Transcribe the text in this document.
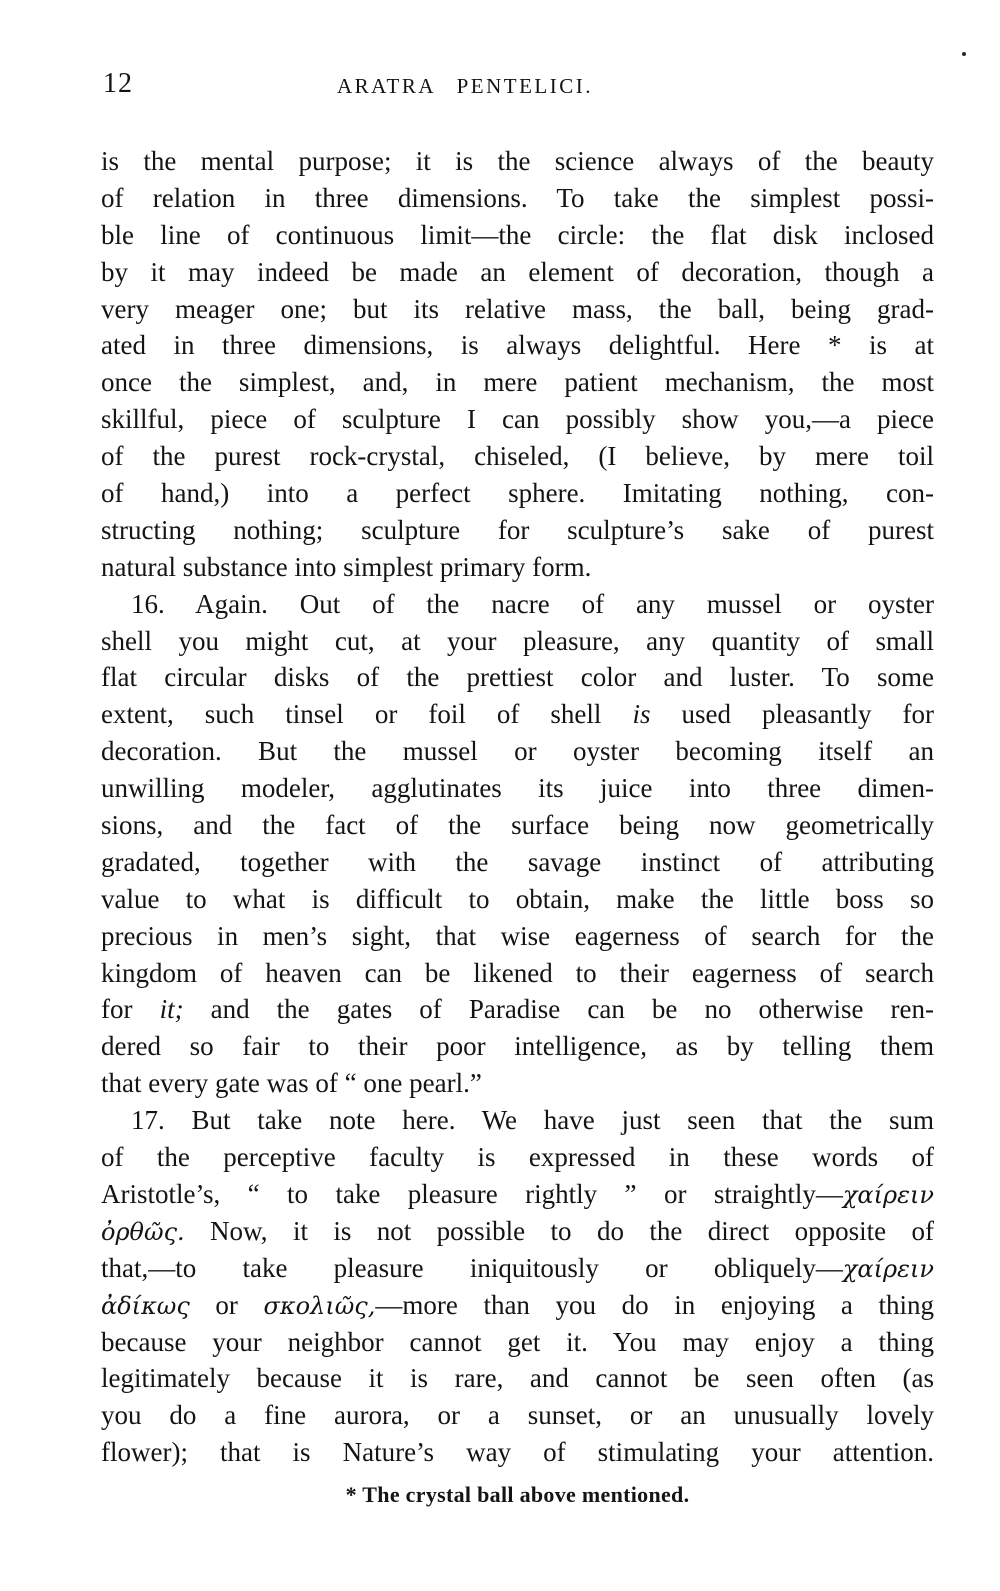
12	ARATRA PENTELICI.
is the mental purpose; it is the science always of the beauty
of relation in three dimensions. To take the simplest possi-
ble line of continuous limit—the circle: the flat disk inclosed
by it may indeed be made an element of decoration, though a
very meager one; but its relative mass, the ball, being grad-
ated in three dimensions, is always delightful. Here * is at
once the simplest, and, in mere patient mechanism, the most
skillful, piece of sculpture I can possibly show you,—a piece
of the purest rock-crystal, chiseled, (I believe, by mere toil
of hand,) into a perfect sphere. Imitating nothing, con-
structing nothing; sculpture for sculpture’s sake of purest
natural substance into simplest primary form.
16. Again. Out of the nacre of any mussel or oyster
shell you might cut, at your pleasure, any quantity of small
flat circular disks of the prettiest color and luster. To some
extent, such tinsel or foil of shell is used pleasantly for
decoration. But the mussel or oyster becoming itself an
unwilling modeler, agglutinates its juice into three dimen-
sions, and the fact of the surface being now geometrically
gradated, together with the savage instinct of attributing
value to what is difficult to obtain, make the little boss so
precious in men’s sight, that wise eagerness of search for the
kingdom of heaven can be likened to their eagerness of search
for it; and the gates of Paradise can be no otherwise ren-
dered so fair to their poor intelligence, as by telling them
that every gate was of “ one pearl.”
17. But take note here. We have just seen that the sum
of the perceptive faculty is expressed in these words of
Aristotle’s, “ to take pleasure rightly ” or straightly—χαίρειν
ὀρθῶς. Now, it is not possible to do the direct opposite of
that,—to take pleasure iniquitously or obliquely—χαίρειν
ἀδίκως or σκολιῶς,—more than you do in enjoying a thing
because your neighbor cannot get it. You may enjoy a thing
legitimately because it is rare, and cannot be seen often (as
you do a fine aurora, or a sunset, or an unusually lovely
flower); that is Nature’s way of stimulating your attention.
* The crystal ball above mentioned.
